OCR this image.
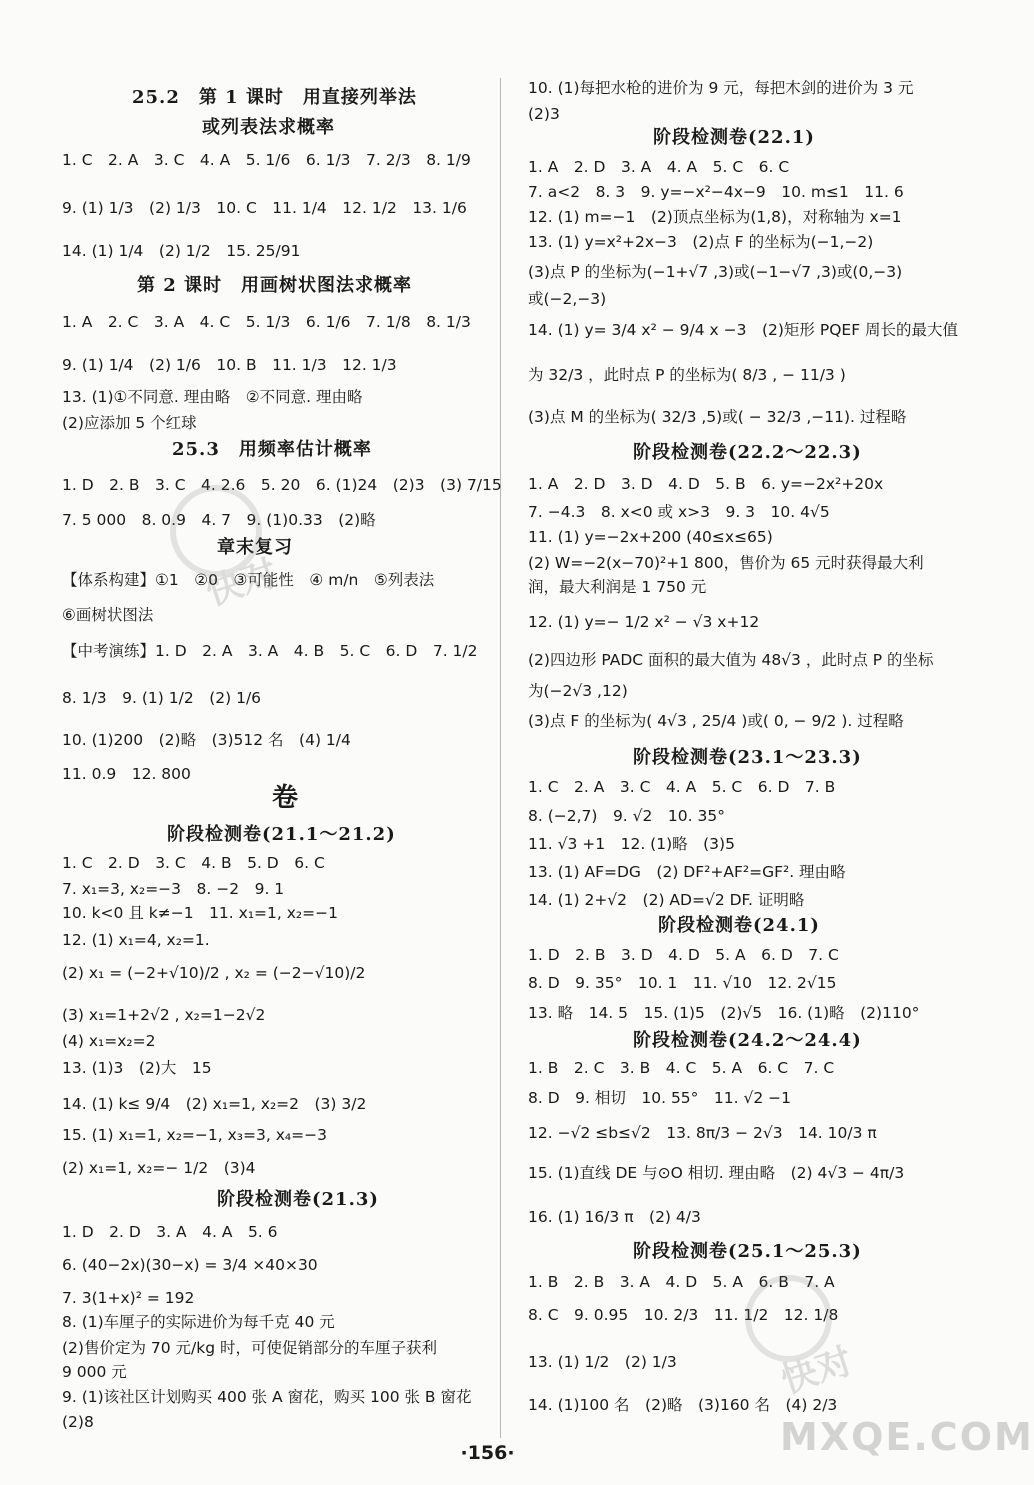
25.2　第 1 课时　用直接列举法
或列表法求概率
1. C　2. A　3. C　4. A　5. 1/6　6. 1/3　7. 2/3　8. 1/9
9. (1) 1/3　(2) 1/3　10. C　11. 1/4　12. 1/2　13. 1/6
14. (1) 1/4　(2) 1/2　15. 25/91
第 2 课时　用画树状图法求概率
1. A　2. C　3. A　4. C　5. 1/3　6. 1/6　7. 1/8　8. 1/3
9. (1) 1/4　(2) 1/6　10. B　11. 1/3　12. 1/3
13. (1)①不同意. 理由略　②不同意. 理由略
(2)应添加 5 个红球
25.3　用频率估计概率
1. D　2. B　3. C　4. 2.6　5. 20　6. (1)24　(2)3　(3) 7/15
7. 5 000　8. 0.9　4. 7　9. (1)0.33　(2)略
章末复习
【体系构建】①1　②0　③可能性　④ m/n　⑤列表法
⑥画树状图法
【中考演练】1. D　2. A　3. A　4. B　5. C　6. D　7. 1/2
8. 1/3　9. (1) 1/2　(2) 1/6
10. (1)200　(2)略　(3)512 名　(4) 1/4
11. 0.9　12. 800
卷
阶段检测卷(21.1～21.2)
1. C　2. D　3. C　4. B　5. D　6. C
7. x₁=3, x₂=−3　8. −2　9. 1
10. k<0 且 k≠−1　11. x₁=1, x₂=−1
12. (1) x₁=4, x₂=1.
(2) x₁ = (−2+√10)/2 , x₂ = (−2−√10)/2
(3) x₁=1+2√2 , x₂=1−2√2
(4) x₁=x₂=2
13. (1)3　(2)大　15
14. (1) k≤ 9/4　(2) x₁=1, x₂=2　(3) 3/2
15. (1) x₁=1, x₂=−1, x₃=3, x₄=−3
(2) x₁=1, x₂=− 1/2　(3)4
阶段检测卷(21.3)
1. D　2. D　3. A　4. A　5. 6
6. (40−2x)(30−x) = 3/4 ×40×30
7. 3(1+x)² = 192
8. (1)车厘子的实际进价为每千克 40 元
(2)售价定为 70 元/kg 时，可使促销部分的车厘子获利
9 000 元
9. (1)该社区计划购买 400 张 A 窗花，购买 100 张 B 窗花
(2)8
10. (1)每把水枪的进价为 9 元，每把木剑的进价为 3 元
(2)3
阶段检测卷(22.1)
1. A　2. D　3. A　4. A　5. C　6. C
7. a<2　8. 3　9. y=−x²−4x−9　10. m≤1　11. 6
12. (1) m=−1　(2)顶点坐标为(1,8)，对称轴为 x=1
13. (1) y=x²+2x−3　(2)点 F 的坐标为(−1,−2)
(3)点 P 的坐标为(−1+√7 ,3)或(−1−√7 ,3)或(0,−3)
或(−2,−3)
14. (1) y= 3/4 x² − 9/4 x −3　(2)矩形 PQEF 周长的最大值
为 32/3 ，此时点 P 的坐标为( 8/3 , − 11/3 )
(3)点 M 的坐标为( 32/3 ,5)或( − 32/3 ,−11). 过程略
阶段检测卷(22.2～22.3)
1. A　2. D　3. D　4. D　5. B　6. y=−2x²+20x
7. −4.3　8. x<0 或 x>3　9. 3　10. 4√5
11. (1) y=−2x+200 (40≤x≤65)
(2) W=−2(x−70)²+1 800，售价为 65 元时获得最大利
润，最大利润是 1 750 元
12. (1) y=− 1/2 x² − √3 x+12
(2)四边形 PADC 面积的最大值为 48√3 ，此时点 P 的坐标
为(−2√3 ,12)
(3)点 F 的坐标为( 4√3 , 25/4 )或( 0, − 9/2 ). 过程略
阶段检测卷(23.1～23.3)
1. C　2. A　3. C　4. A　5. C　6. D　7. B
8. (−2,7)　9. √2　10. 35°
11. √3 +1　12. (1)略　(3)5
13. (1) AF=DG　(2) DF²+AF²=GF². 理由略
14. (1) 2+√2　(2) AD=√2 DF. 证明略
阶段检测卷(24.1)
1. D　2. B　3. D　4. D　5. A　6. D　7. C
8. D　9. 35°　10. 1　11. √10　12. 2√15
13. 略　14. 5　15. (1)5　(2)√5　16. (1)略　(2)110°
阶段检测卷(24.2～24.4)
1. B　2. C　3. B　4. C　5. A　6. C　7. C
8. D　9. 相切　10. 55°　11. √2 −1
12. −√2 ≤b≤√2　13. 8π/3 − 2√3　14. 10/3 π
15. (1)直线 DE 与⊙O 相切. 理由略　(2) 4√3 − 4π/3
16. (1) 16/3 π　(2) 4/3
阶段检测卷(25.1～25.3)
1. B　2. B　3. A　4. D　5. A　6. B　7. A
8. C　9. 0.95　10. 2/3　11. 1/2　12. 1/8
13. (1) 1/2　(2) 1/3
14. (1)100 名　(2)略　(3)160 名　(4) 2/3
快对
快对
MXQE.COM
·156·
